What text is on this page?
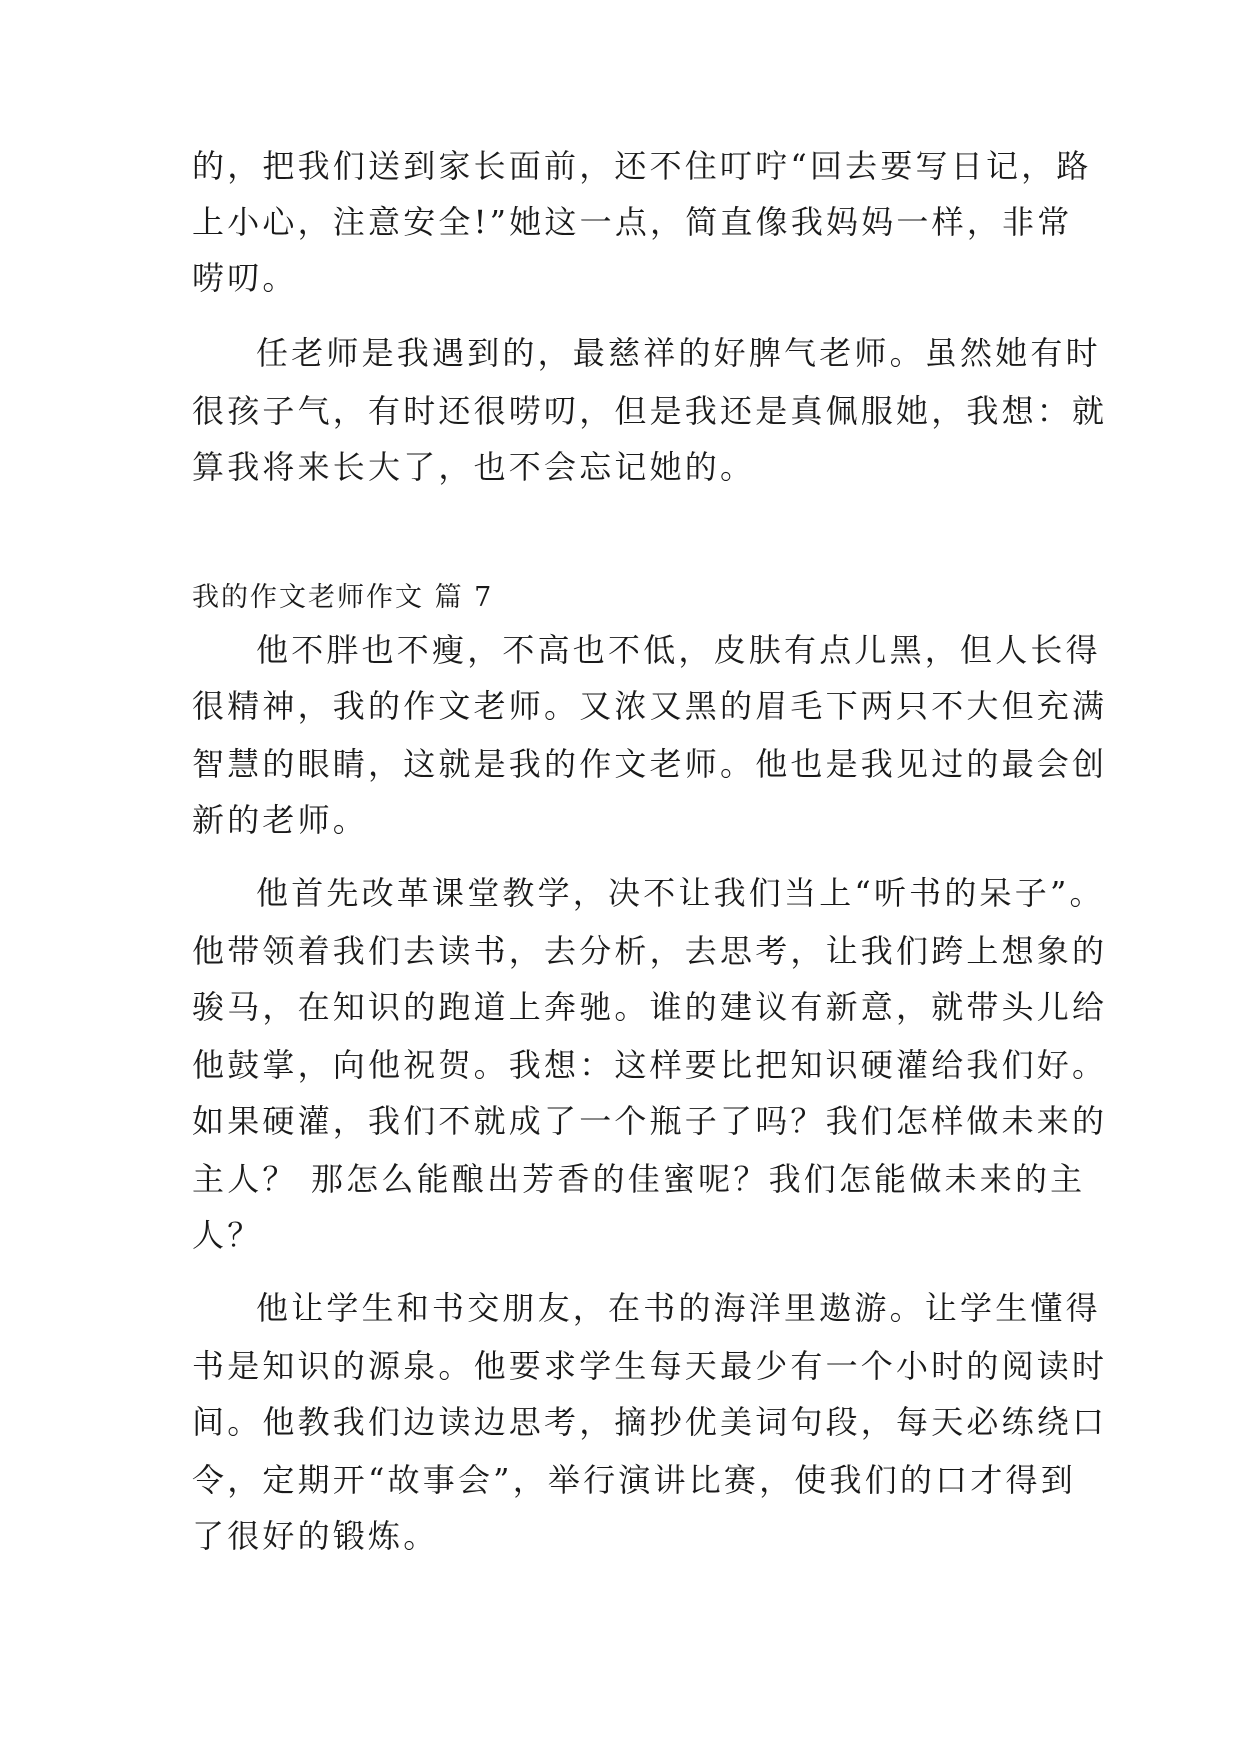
的，把我们送到家长面前，还不住叮咛“回去要写日记，路
上小心，注意安全!”她这一点，简直像我妈妈一样，非常
唠叨。
任老师是我遇到的，最慈祥的好脾气老师。虽然她有时
很孩子气，有时还很唠叨，但是我还是真佩服她，我想：就
算我将来长大了，也不会忘记她的。
我的作文老师作文 篇 7
他不胖也不瘦，不高也不低，皮肤有点儿黑，但人长得
很精神，我的作文老师。又浓又黑的眉毛下两只不大但充满
智慧的眼睛，这就是我的作文老师。他也是我见过的最会创
新的老师。
他首先改革课堂教学，决不让我们当上“听书的呆子”。
他带领着我们去读书，去分析，去思考，让我们跨上想象的
骏马，在知识的跑道上奔驰。谁的建议有新意，就带头儿给
他鼓掌，向他祝贺。我想：这样要比把知识硬灌给我们好。
如果硬灌，我们不就成了一个瓶子了吗？我们怎样做未来的
主人？ 那怎么能酿出芳香的佳蜜呢？我们怎能做未来的主
人？
他让学生和书交朋友，在书的海洋里遨游。让学生懂得
书是知识的源泉。他要求学生每天最少有一个小时的阅读时
间。他教我们边读边思考，摘抄优美词句段，每天必练绕口
令，定期开“故事会”，举行演讲比赛，使我们的口才得到
了很好的锻炼。
